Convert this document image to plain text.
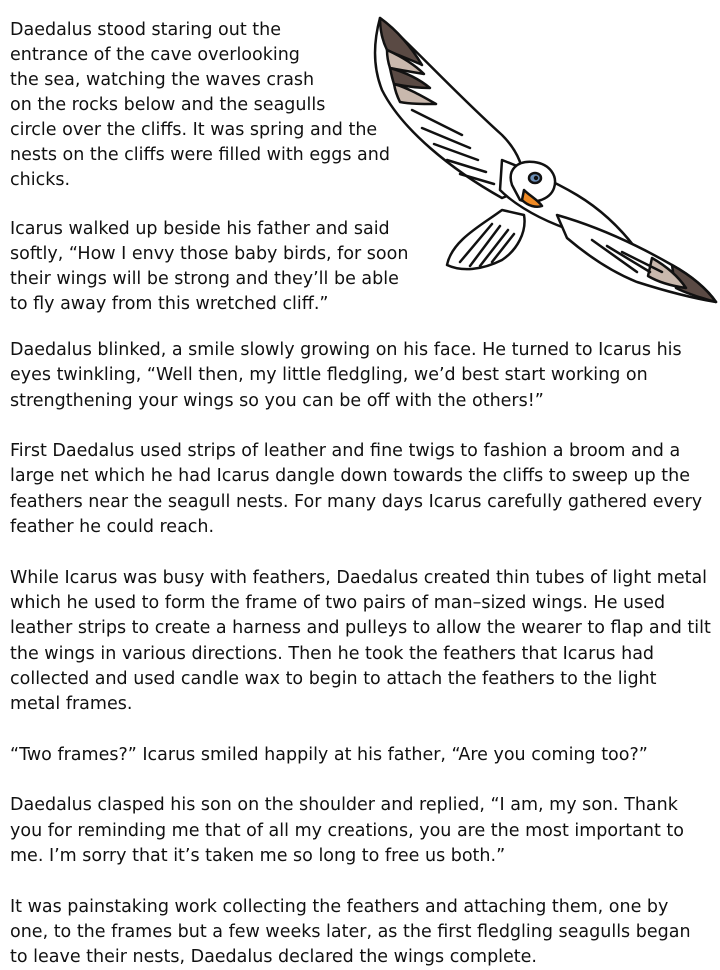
Daedalus stood staring out the
entrance of the cave overlooking
the sea, watching the waves crash
on the rocks below and the seagulls
circle over the cliffs. It was spring and the
nests on the cliffs were filled with eggs and
chicks.
Icarus walked up beside his father and said
softly, “How I envy those baby birds, for soon
their wings will be strong and they’ll be able
to fly away from this wretched cliff.”

Daedalus blinked, a smile slowly growing on his face. He turned to Icarus his eyes twinkling, “Well then, my little fledgling, we’d best start working on strengthening your wings so you can be off with the others!”

First Daedalus used strips of leather and fine twigs to fashion a broom and a large net which he had Icarus dangle down towards the cliffs to sweep up the feathers near the seagull nests. For many days Icarus carefully gathered every feather he could reach.

While Icarus was busy with feathers, Daedalus created thin tubes of light metal which he used to form the frame of two pairs of man–sized wings. He used leather strips to create a harness and pulleys to allow the wearer to flap and tilt the wings in various directions. Then he took the feathers that Icarus had collected and used candle wax to begin to attach the feathers to the light metal frames.

“Two frames?” Icarus smiled happily at his father, “Are you coming too?”

Daedalus clasped his son on the shoulder and replied, “I am, my son. Thank you for reminding me that of all my creations, you are the most important to me. I’m sorry that it’s taken me so long to free us both.”

It was painstaking work collecting the feathers and attaching them, one by one, to the frames but a few weeks later, as the first fledgling seagulls began to leave their nests, Daedalus declared the wings complete.
